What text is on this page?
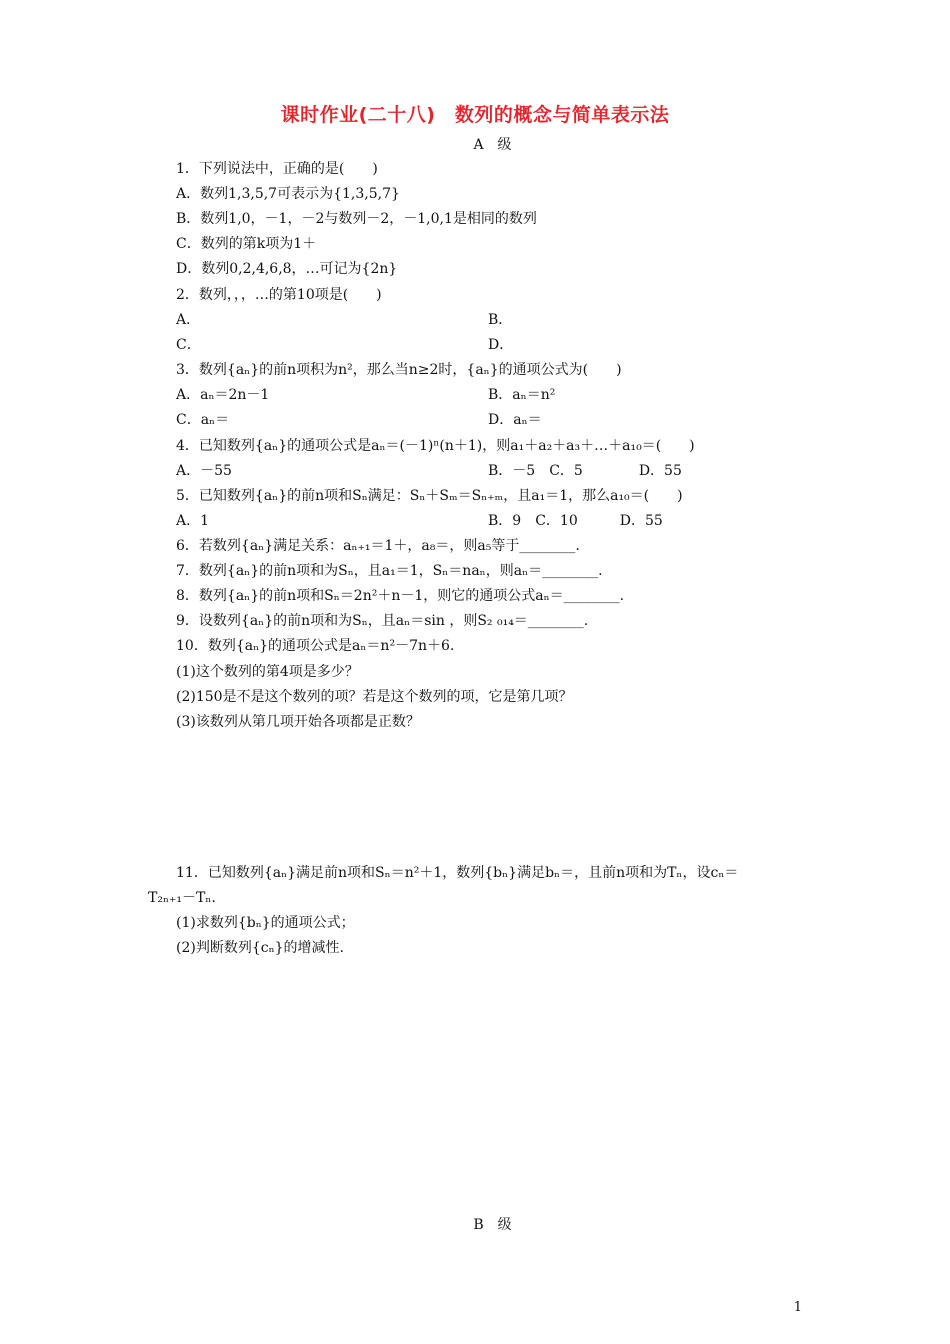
课时作业(二十八)　数列的概念与简单表示法
A　级
1．下列说法中，正确的是(　　)
A．数列1,3,5,7可表示为{1,3,5,7}
B．数列1,0，－1，－2与数列－2，－1,0,1是相同的数列
C．数列的第k项为1＋
D．数列0,2,4,6,8，…可记为{2n}
2．数列，，，…的第10项是(　　)
A．	B．
C．	D．
3．数列{aₙ}的前n项积为n²，那么当n≥2时，{aₙ}的通项公式为(　　)
A．aₙ＝2n－1	B．aₙ＝n²
C．aₙ＝	D．aₙ＝
4．已知数列{aₙ}的通项公式是aₙ＝(－1)ⁿ(n＋1)，则a₁＋a₂＋a₃＋…＋a₁₀＝(　　)
A．－55	B．－5　C．5　　　　D．55
5．已知数列{aₙ}的前n项和Sₙ满足：Sₙ＋Sₘ＝Sₙ₊ₘ，且a₁＝1，那么a₁₀＝(　　)
A．1	B．9　C．10　　　D．55
6．若数列{aₙ}满足关系：aₙ₊₁＝1＋，a₈＝，则a₅等于________.
7．数列{aₙ}的前n项和为Sₙ，且a₁＝1，Sₙ＝naₙ，则aₙ＝________.
8．数列{aₙ}的前n项和Sₙ＝2n²＋n－1，则它的通项公式aₙ＝________.
9．设数列{aₙ}的前n项和为Sₙ，且aₙ＝sin ，则S₂ ₀₁₄＝________.
10．数列{aₙ}的通项公式是aₙ＝n²－7n＋6.
(1)这个数列的第4项是多少？
(2)150是不是这个数列的项？若是这个数列的项，它是第几项？
(3)该数列从第几项开始各项都是正数？
11．已知数列{aₙ}满足前n项和Sₙ＝n²＋1，数列{bₙ}满足bₙ＝，且前n项和为Tₙ，设cₙ＝
T₂ₙ₊₁－Tₙ.
(1)求数列{bₙ}的通项公式；
(2)判断数列{cₙ}的增减性.
B　级
1
